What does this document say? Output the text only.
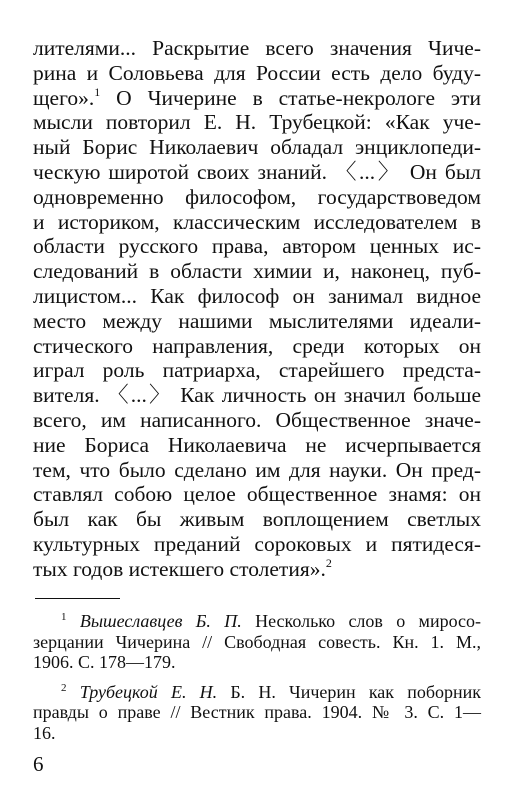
лителями... Раскрытие всего значения Чиче-
рина и Соловьева для России есть дело буду-
щего».$^1$ О Чичерине в статье-некрологе эти
мысли повторил Е. Н. Трубецкой: «Как уче-
ный Борис Николаевич обладал энциклопеди-
ческую широтой своих знаний. 〈...〉 Он был
одновременно философом, государствоведом
и историком, классическим исследователем в
области русского права, автором ценных ис-
следований в области химии и, наконец, пуб-
лицистом... Как философ он занимал видное
место между нашими мыслителями идеали-
стического направления, среди которых он
играл роль патриарха, старейшего предста-
вителя. 〈...〉 Как личность он значил больше
всего, им написанного. Общественное значе-
ние Бориса Николаевича не исчерпывается
тем, что было сделано им для науки. Он пред-
ставлял собою целое общественное знамя: он
был как бы живым воплощением светлых
культурных преданий сороковых и пятидеся-
тых годов истекшего столетия».$^2$
$^1$ Вышеславцев Б. П. Несколько слов о миросо-
зерцании Чичерина // Свободная совесть. Кн. 1. М.,
1906. С. 178—179.
$^2$ Трубецкой Е. Н. Б. Н. Чичерин как поборник
правды о праве // Вестник права. 1904. № 3. С. 1—
16.
6
